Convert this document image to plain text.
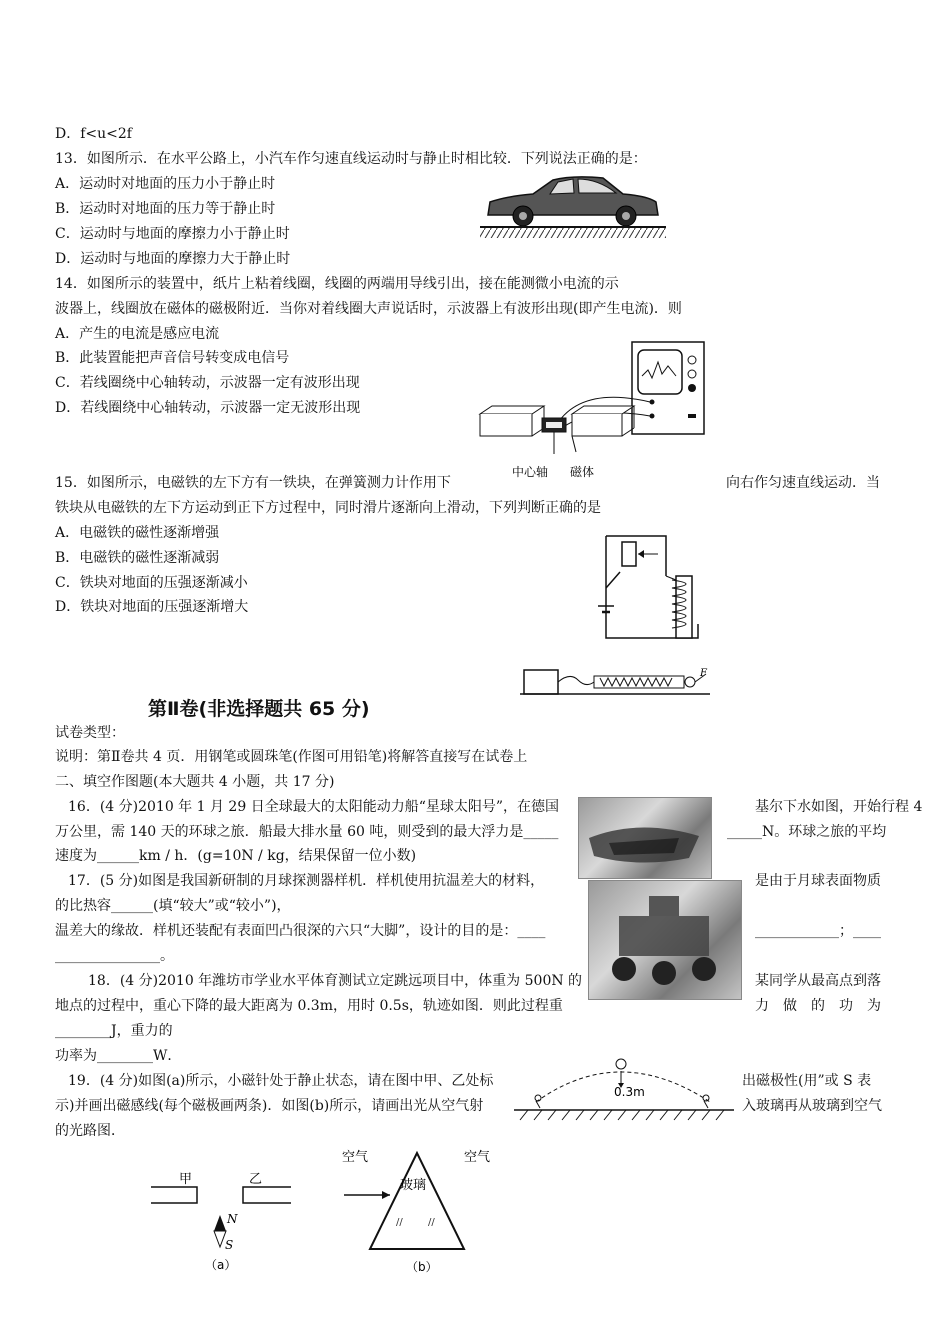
D．f<u<2f
13．如图所示．在水平公路上，小汽车作匀速直线运动时与静止时相比较．下列说法正确的是：
A．运动时对地面的压力小于静止时
B．运动时对地面的压力等于静止时
C．运动时与地面的摩擦力小于静止时
D．运动时与地面的摩擦力大于静止时
14．如图所示的装置中，纸片上粘着线圈，线圈的两端用导线引出，接在能测微小电流的示
波器上，线圈放在磁体的磁极附近．当你对着线圈大声说话时，示波器上有波形出现(即产生电流)．则
A．产生的电流是感应电流
B．此装置能把声音信号转变成电信号
C．若线圈绕中心轴转动，示波器一定有波形出现
D．若线圈绕中心轴转动，示波器一定无波形出现
15．如图所示，电磁铁的左下方有一铁块，在弹簧测力计作用下	向右作匀速直线运动．当
铁块从电磁铁的左下方运动到正下方过程中，同时滑片逐渐向上滑动，下列判断正确的是
A．电磁铁的磁性逐渐增强
B．电磁铁的磁性逐渐减弱
C．铁块对地面的压强逐渐减小
D．铁块对地面的压强逐渐增大
第Ⅱ卷(非选择题共 65 分)
试卷类型：
说明：第Ⅱ卷共 4 页．用钢笔或圆珠笔(作图可用铅笔)将解答直接写在试卷上
二、填空作图题(本大题共 4 小题，共 17 分)
16．(4 分)2010 年 1 月 29 日全球最大的太阳能动力船“星球太阳号”，在德国	基尔下水如图，开始行程 4
万公里，需 140 天的环球之旅．船最大排水量 60 吨，则受到的最大浮力是_____	_____N。环球之旅的平均
速度为______km / h．(g=10N / kg，结果保留一位小数)
17．(5 分)如图是我国新研制的月球探测器样机．样机使用抗温差大的材料，	是由于月球表面物质
的比热容______(填“较大”或“较小”)，
温差大的缘故．样机还装配有表面凹凸很深的六只“大脚”，设计的目的是：____	____________；____
_______________。
18．(4 分)2010 年潍坊市学业水平体育测试立定跳远项目中，体重为 500N 的	某同学从最高点到落
地点的过程中，重心下降的最大距离为 0.3m，用时 0.5s，轨迹如图．则此过程重	力　做　的　功　为
________J，重力的
功率为________W．
19．(4 分)如图(a)所示，小磁针处于静止状态，请在图中甲、乙处标	出磁极性(用”或 S 表
示)并画出磁感线(每个磁极画两条)．如图(b)所示，请画出光从空气射	入玻璃再从玻璃到空气
的光路图．
中心轴 磁体
F
0.3m
甲	乙
N
S
（a）
空气	空气
玻璃
//	//
（b）
